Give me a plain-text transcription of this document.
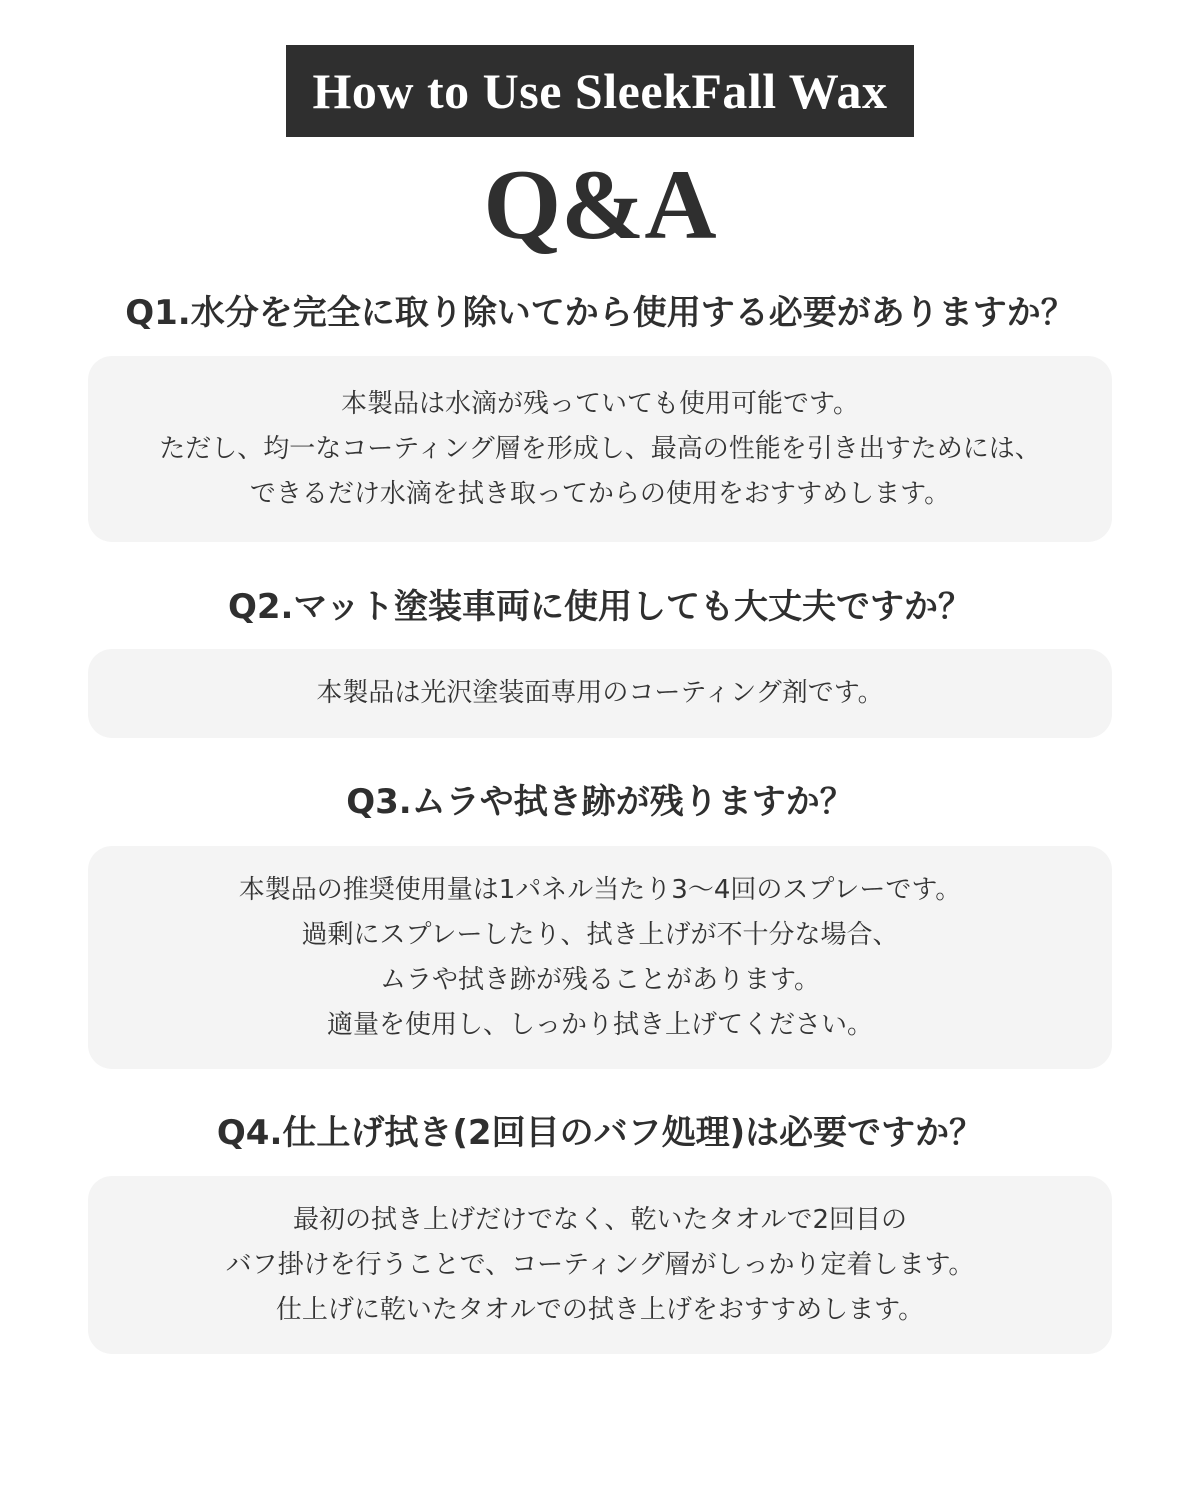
How to Use SleekFall Wax
Q&A
Q1.水分を完全に取り除いてから使用する必要がありますか？
本製品は水滴が残っていても使用可能です。
ただし、均一なコーティング層を形成し、最高の性能を引き出すためには、
できるだけ水滴を拭き取ってからの使用をおすすめします。
Q2.マット塗装車両に使用しても大丈夫ですか？
本製品は光沢塗装面専用のコーティング剤です。
Q3.ムラや拭き跡が残りますか？
本製品の推奨使用量は1パネル当たり3〜4回のスプレーです。
過剰にスプレーしたり、拭き上げが不十分な場合、
ムラや拭き跡が残ることがあります。
適量を使用し、しっかり拭き上げてください。
Q4.仕上げ拭き(2回目のバフ処理)は必要ですか？
最初の拭き上げだけでなく、乾いたタオルで2回目の
バフ掛けを行うことで、コーティング層がしっかり定着します。
仕上げに乾いたタオルでの拭き上げをおすすめします。
